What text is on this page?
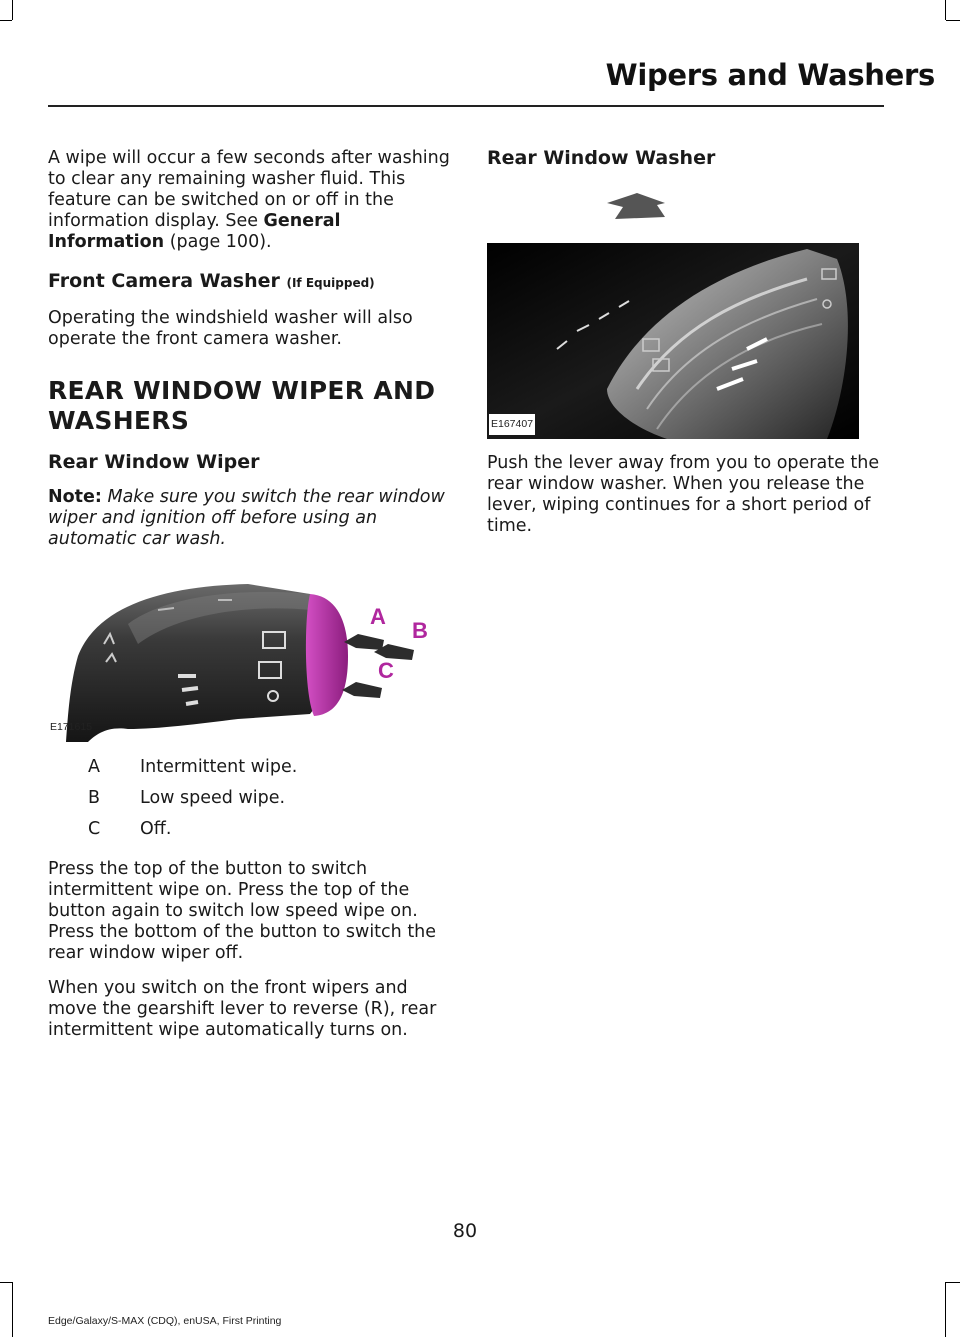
Wipers and Washers

A wipe will occur a few seconds after washing to clear any remaining washer fluid. This feature can be switched on or off in the information display. See General Information (page 100).

Front Camera Washer (If Equipped)

Operating the windshield washer will also operate the front camera washer.

REAR WINDOW WIPER AND
WASHERS
Rear Window Wiper

Note: Make sure you switch the rear window wiper and ignition off before using an automatic car wash.

A
B
C
E171615
A	Intermittent wipe.
B	Low speed wipe.
C	Off.

Press the top of the button to switch intermittent wipe on. Press the top of the button again to switch low speed wipe on. Press the bottom of the button to switch the rear window wiper off.

When you switch on the front wipers and move the gearshift lever to reverse (R), rear intermittent wipe automatically turns on.

Rear Window Washer
E167407

Push the lever away from you to operate the rear window washer. When you release the lever, wiping continues for a short period of time.

80
Edge/Galaxy/S-MAX (CDQ), enUSA, First Printing
